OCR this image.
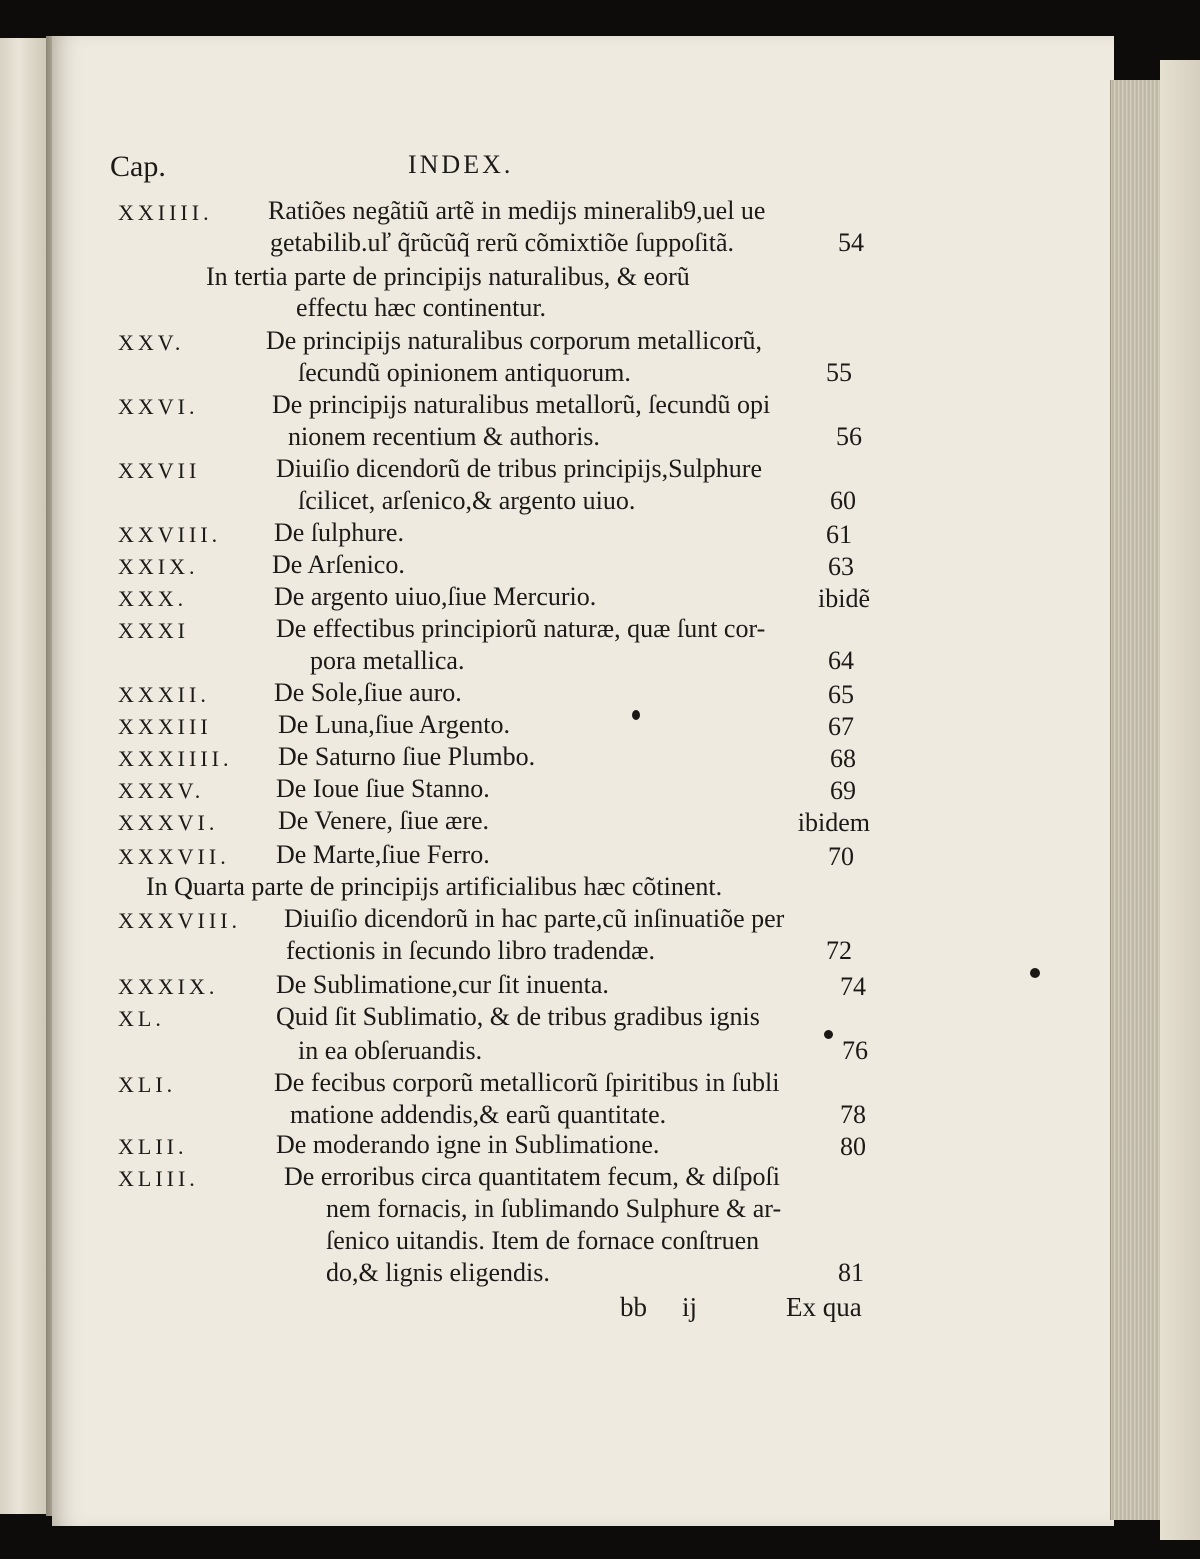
Cap.	INDEX.
XXIIII. Ratiões negãtiũ artẽ in medijs mineralib9,uel ue
getabilib.uľ q̃rũcũq̃ rerũ cõmixtiõe ſuppoſitã.	54
In tertia parte de principijs naturalibus, & eorũ
effectu hæc continentur.
XXV.	De principijs naturalibus corporum metallicorũ,
ſecundũ opinionem antiquorum.	55
XXVI.	De principijs naturalibus metallorũ, ſecundũ opi
nionem recentium & authoris.	56
XXVII	Diuiſio dicendorũ de tribus principijs,Sulphure
ſcilicet, arſenico,& argento uiuo.	60
XXVIII. De ſulphure.	61
XXIX.	De Arſenico.	63
XXX.	De argento uiuo,ſiue Mercurio.	ibidẽ
XXXI	De effectibus principiorũ naturæ, quæ ſunt cor-
pora metallica.	64
XXXII. De Sole,ſiue auro.	65
XXXIII	De Luna,ſiue Argento.	67
XXXIIII. De Saturno ſiue Plumbo.	68
XXXV.	De Ioue ſiue Stanno.	69
XXXVI. De Venere, ſiue ære.	ibidem
XXXVII. De Marte,ſiue Ferro.	70
In Quarta parte de principijs artificialibus hæc cõtinent.
XXXVIII. Diuiſio dicendorũ in hac parte,cũ inſinuatiõe per
fectionis in ſecundo libro tradendæ.	72
XXXIX. De Sublimatione,cur ſit inuenta.	74
XL.	Quid ſit Sublimatio, & de tribus gradibus ignis
in ea obſeruandis.	76
XLI.	De fecibus corporũ metallicorũ ſpiritibus in ſubli
matione addendis,& earũ quantitate.	78
XLII.	De moderando igne in Sublimatione.	80
XLIII.	De erroribus circa quantitatem fecum, & diſpoſi
nem fornacis, in ſublimando Sulphure & ar-
ſenico uitandis. Item de fornace conſtruen
do,& lignis eligendis.	81
bb ij	Ex qua
